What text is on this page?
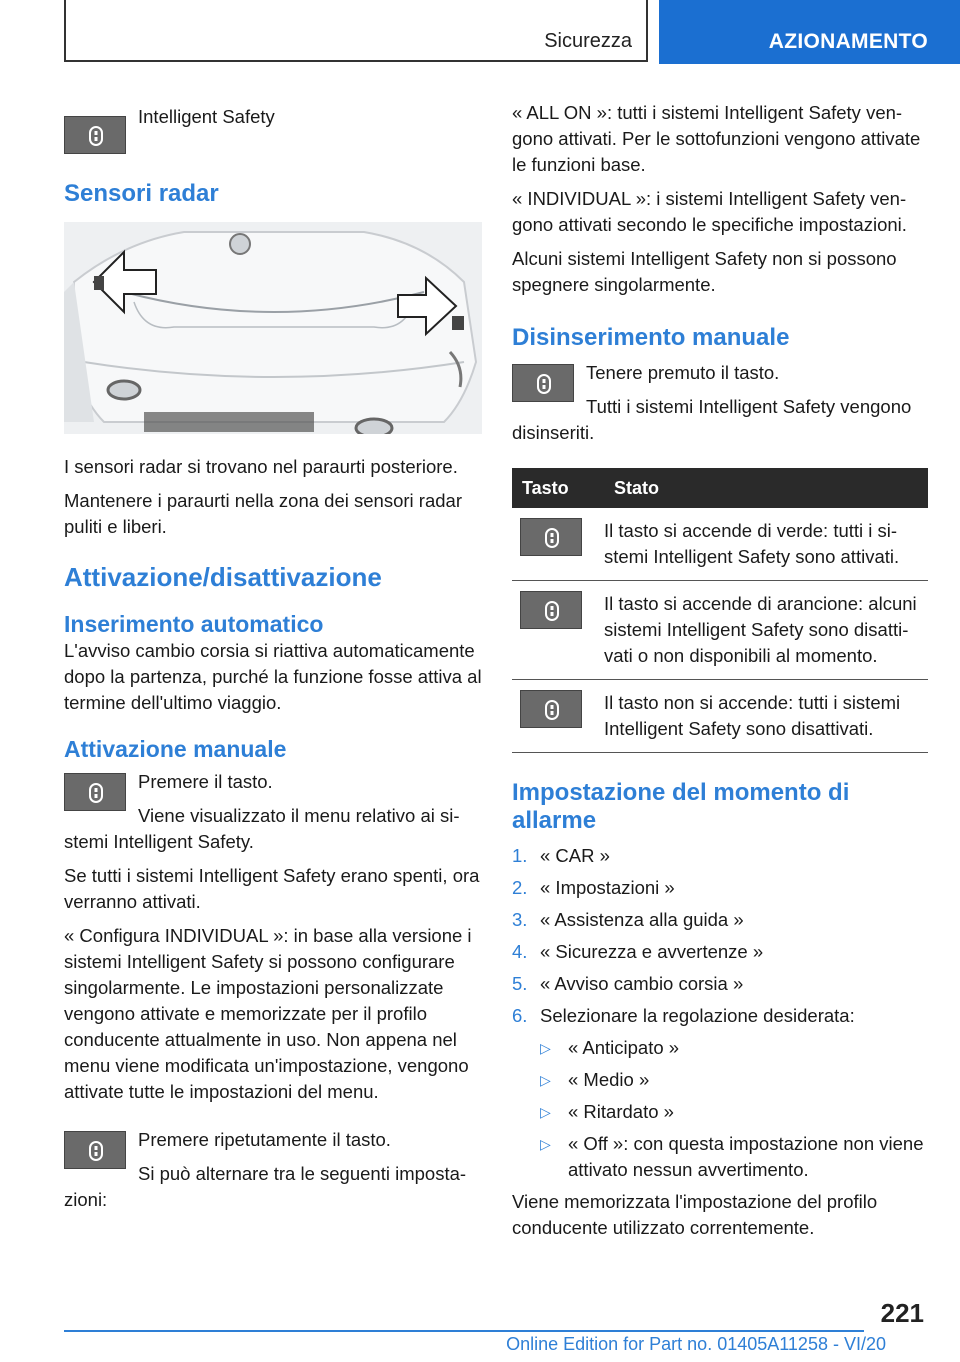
Sicurezza	AZIONAMENTO

Intelligent Safety

Sensori radar

I sensori radar si trovano nel paraurti posteriore.

Mantenere i paraurti nella zona dei sensori radar puliti e liberi.

Attivazione/disattivazione
Inserimento automatico

L'avviso cambio corsia si riattiva automaticamente dopo la partenza, purché la funzione fosse attiva al termine dell'ultimo viaggio.

Attivazione manuale

Premere il tasto.

Viene visualizzato il menu relativo ai sistemi Intelligent Safety.

Se tutti i sistemi Intelligent Safety erano spenti, ora verranno attivati.

« Configura INDIVIDUAL »: in base alla versione i sistemi Intelligent Safety si possono configurare singolarmente. Le impostazioni personalizzate vengono attivate e memorizzate per il profilo conducente attualmente in uso. Non appena nel menu viene modificata un'impostazione, vengono attivate tutte le impostazioni del menu.

Premere ripetutamente il tasto.

Si può alternare tra le seguenti impostazioni:

« ALL ON »: tutti i sistemi Intelligent Safety vengono attivati. Per le sottofunzioni vengono attivate le funzioni base.

« INDIVIDUAL »: i sistemi Intelligent Safety vengono attivati secondo le specifiche impostazioni.

Alcuni sistemi Intelligent Safety non si possono spegnere singolarmente.

Disinserimento manuale

Tenere premuto il tasto.

Tutti i sistemi Intelligent Safety vengono disinseriti.

Tasto	Stato

	Il tasto si accende di verde: tutti i sistemi Intelligent Safety sono attivati.

	Il tasto si accende di arancione: alcuni sistemi Intelligent Safety sono disattivati o non disponibili al momento.

	Il tasto non si accende: tutti i sistemi Intelligent Safety sono disattivati.
Impostazione del momento di allarme
1. « CAR »
2. « Impostazioni »
3. « Assistenza alla guida »
4. « Sicurezza e avvertenze »
5. « Avviso cambio corsia »
6. Selezionare la regolazione desiderata:
▷ « Anticipato »
▷ « Medio »
▷ « Ritardato »
▷ « Off »: con questa impostazione non viene attivato nessun avvertimento.

Viene memorizzata l'impostazione del profilo conducente utilizzato correntemente.

221
Online Edition for Part no. 01405A11258 - VI/20
